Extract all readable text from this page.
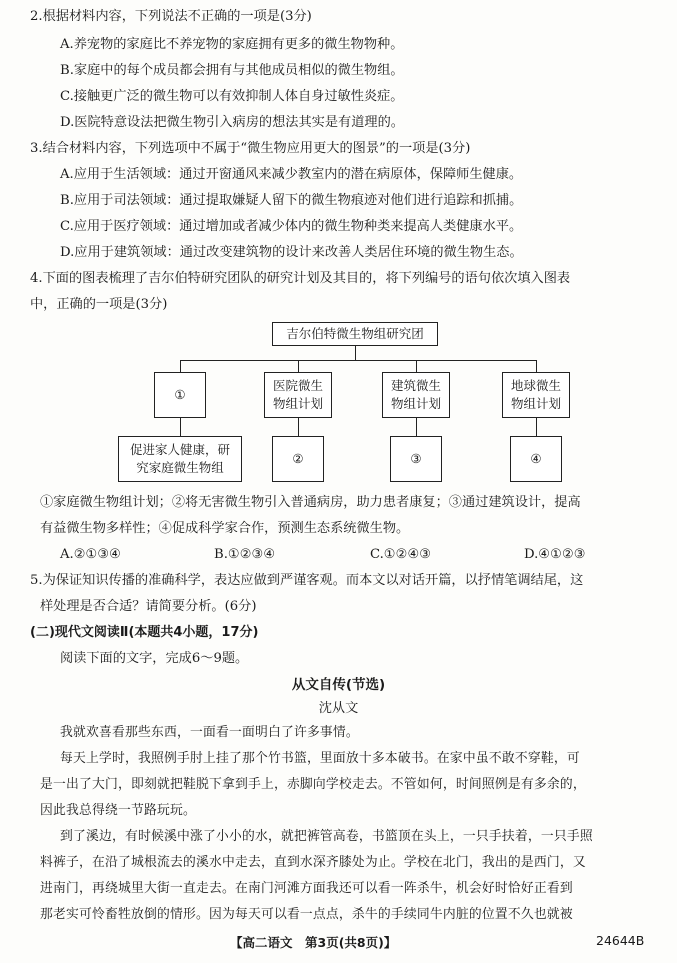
2.根据材料内容，下列说法不正确的一项是(3分)
A.养宠物的家庭比不养宠物的家庭拥有更多的微生物物种。
B.家庭中的每个成员都会拥有与其他成员相似的微生物组。
C.接触更广泛的微生物可以有效抑制人体自身过敏性炎症。
D.医院特意设法把微生物引入病房的想法其实是有道理的。
3.结合材料内容，下列选项中不属于“微生物应用更大的图景”的一项是(3分)
A.应用于生活领域：通过开窗通风来减少教室内的潜在病原体，保障师生健康。
B.应用于司法领域：通过提取嫌疑人留下的微生物痕迹对他们进行追踪和抓捕。
C.应用于医疗领域：通过增加或者减少体内的微生物种类来提高人类健康水平。
D.应用于建筑领域：通过改变建筑物的设计来改善人类居住环境的微生物生态。
4.下面的图表梳理了吉尔伯特研究团队的研究计划及其目的，将下列编号的语句依次填入图表
中，正确的一项是(3分)
吉尔伯特微生物组研究团
①
医院微生
物组计划
建筑微生
物组计划
地球微生
物组计划
促进家人健康，研
究家庭微生物组
②	③	④
①家庭微生物组计划；②将无害微生物引入普通病房，助力患者康复；③通过建筑设计，提高
有益微生物多样性；④促成科学家合作，预测生态系统微生物。
A.②①③④	B.①②③④	C.①②④③	D.④①②③
5.为保证知识传播的准确科学，表达应做到严谨客观。而本文以对话开篇，以抒情笔调结尾，这
样处理是否合适？请简要分析。(6分)
(二)现代文阅读Ⅱ(本题共4小题，17分)
阅读下面的文字，完成6～9题。
从文自传(节选)
沈从文
我就欢喜看那些东西，一面看一面明白了许多事情。
每天上学时，我照例手肘上挂了那个竹书篮，里面放十多本破书。在家中虽不敢不穿鞋，可
是一出了大门，即刻就把鞋脱下拿到手上，赤脚向学校走去。不管如何，时间照例是有多余的，
因此我总得绕一节路玩玩。
到了溪边，有时候溪中涨了小小的水，就把裤管高卷，书篮顶在头上，一只手扶着，一只手照
料裤子，在沿了城根流去的溪水中走去，直到水深齐膝处为止。学校在北门，我出的是西门，又
进南门，再绕城里大街一直走去。在南门河滩方面我还可以看一阵杀牛，机会好时恰好正看到
那老实可怜畜牲放倒的情形。因为每天可以看一点点，杀牛的手续同牛内脏的位置不久也就被
【高二语文　第3页(共8页)】	24644B
